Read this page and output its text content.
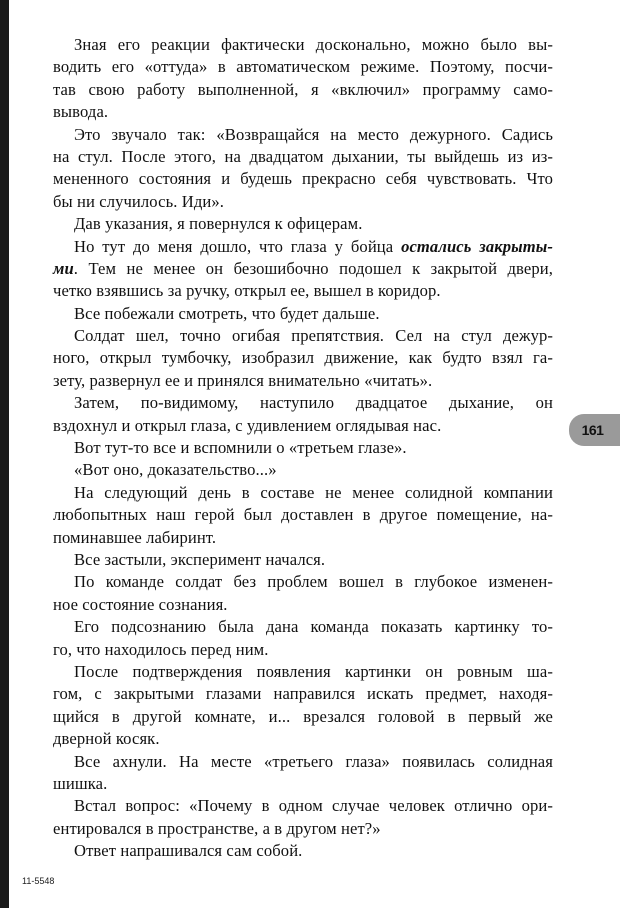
Зная его реакции фактически досконально, можно было вы-
водить его «оттуда» в автоматическом режиме. Поэтому, посчи-
тав свою работу выполненной, я «включил» программу само-
вывода.
Это звучало так: «Возвращайся на место дежурного. Садись
на стул. После этого, на двадцатом дыхании, ты выйдешь из из-
мененного состояния и будешь прекрасно себя чувствовать. Что
бы ни случилось. Иди».
Дав указания, я повернулся к офицерам.
Но тут до меня дошло, что глаза у бойца остались закрыты-
ми. Тем не менее он безошибочно подошел к закрытой двери,
четко взявшись за ручку, открыл ее, вышел в коридор.
Все побежали смотреть, что будет дальше.
Солдат шел, точно огибая препятствия. Сел на стул дежур-
ного, открыл тумбочку, изобразил движение, как будто взял га-
зету, развернул ее и принялся внимательно «читать».
Затем, по-видимому, наступило двадцатое дыхание, он
вздохнул и открыл глаза, с удивлением оглядывая нас.
Вот тут-то все и вспомнили о «третьем глазе».
«Вот оно, доказательство...»
На следующий день в составе не менее солидной компании
любопытных наш герой был доставлен в другое помещение, на-
поминавшее лабиринт.
Все застыли, эксперимент начался.
По команде солдат без проблем вошел в глубокое изменен-
ное состояние сознания.
Его подсознанию была дана команда показать картинку то-
го, что находилось перед ним.
После подтверждения появления картинки он ровным ша-
гом, с закрытыми глазами направился искать предмет, находя-
щийся в другой комнате, и... врезался головой в первый же
дверной косяк.
Все ахнули. На месте «третьего глаза» появилась солидная
шишка.
Встал вопрос: «Почему в одном случае человек отлично ори-
ентировался в пространстве, а в другом нет?»
Ответ напрашивался сам собой.
161
11-5548
